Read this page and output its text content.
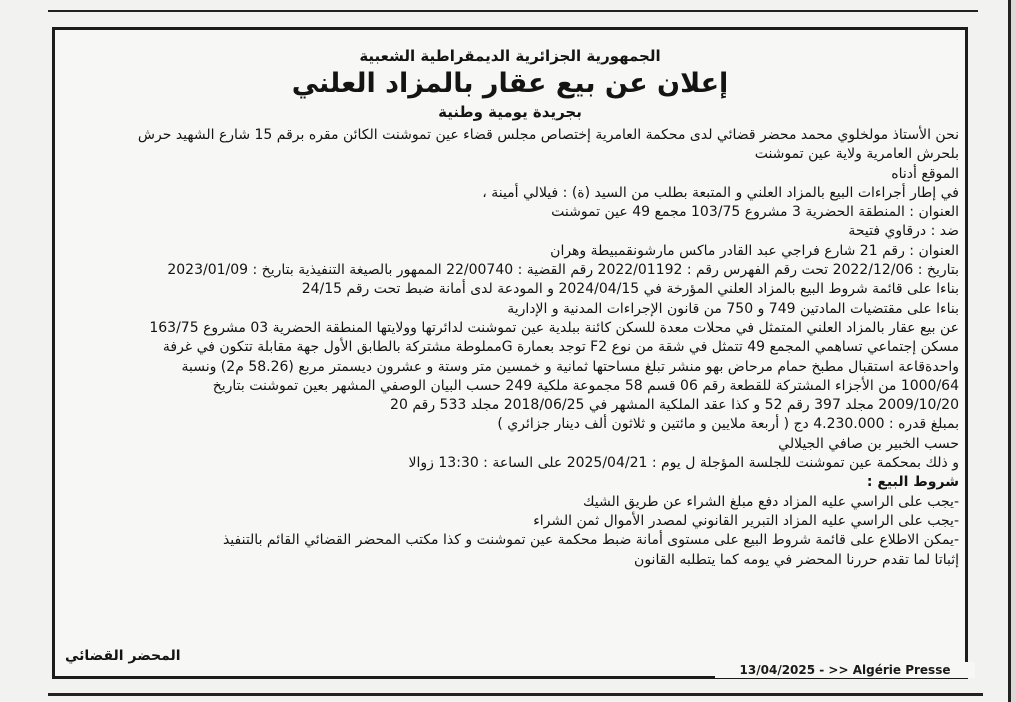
الجمهورية الجزائرية الديمقراطية الشعبية
إعلان عن بيع عقار بالمزاد العلني
بجريدة يومية وطنية

نحن الأستاذ مولخلوي محمد محضر قضائي لدى محكمة العامرية إختصاص مجلس قضاء عين تموشنت الكائن مقره برقم 15 شارع الشهيد حرش

بلحرش العامرية ولاية عين تموشنت

الموقع أدناه

في إطار أجراءات البيع بالمزاد العلني و المتبعة بطلب من السيد (ة) : فيلالي أمينة ،

العنوان : المنطقة الحضرية 3 مشروع 103/75 مجمع 49 عين تموشنت

ضد : درقاوي فتيحة

العنوان : رقم 21 شارع فراجي عبد القادر ماكس مارشونقمبيطة وهران

بتاريخ : 2022/12/06 تحت رقم الفهرس رقم : 2022/01192 رقم القضية : 22/00740 الممهور بالصيغة التنفيذية بتاريخ : 2023/01/09

بناءا على قائمة شروط البيع بالمزاد العلني المؤرخة في 2024/04/15 و المودعة لدى أمانة ضبط تحت رقم 24/15

بناءا على مقتضيات المادتين 749 و 750 من قانون الإجراءات المدنية و الإدارية

عن بيع عقار بالمزاد العلني المتمثل في محلات معدة للسكن كائنة ببلدية عين تموشنت لدائرتها وولايتها المنطقة الحضرية 03 مشروع 163/75

مسكن إجتماعي تساهمي المجمع 49 تتمثل في شقة من نوع F2 توجد بعمارة Gمملوطة مشتركة بالطابق الأول جهة مقابلة تتكون في غرفة

واحدةقاعة استقبال مطبخ حمام مرحاض بهو منشر تبلغ مساحتها ثمانية و خمسين متر وستة و عشرون ديسمتر مربع (58.26 م2) ونسبة

1000/64 من الأجزاء المشتركة للقطعة رقم 06 قسم 58 مجموعة ملكية 249 حسب البيان الوصفي المشهر بعين تموشنت بتاريخ

2009/10/20 مجلد 397 رقم 52 و كذا عقد الملكية المشهر في 2018/06/25 مجلد 533 رقم 20

بمبلغ قدره : 4.230.000 دج ( أربعة ملايين و مائتين و ثلاثون ألف دينار جزائري )

حسب الخبير بن صافي الجيلالي

و ذلك بمحكمة عين تموشنت للجلسة المؤجلة ل يوم : 2025/04/21 على الساعة : 13:30 زوالا

شروط البيع :

-يجب على الراسي عليه المزاد دفع مبلغ الشراء عن طريق الشيك

-يجب على الراسي عليه المزاد التبرير القانوني لمصدر الأموال ثمن الشراء

-يمكن الاطلاع على قائمة شروط البيع على مستوى أمانة ضبط محكمة عين تموشنت و كذا مكتب المحضر القضائي القائم بالتنفيذ

إثباتا لما تقدم حررنا المحضر في يومه كما يتطلبه القانون

المحضر القضائي
13/04/2025 - >> Algérie Presse
